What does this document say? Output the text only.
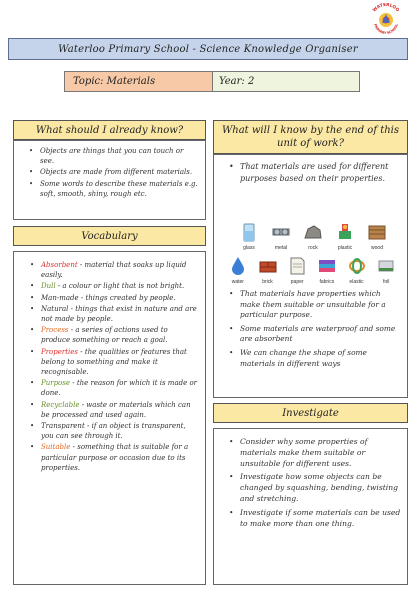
WATERLOO
PRIMARY SCHOOL
Waterloo Primary School - Science Knowledge Organiser
Topic: Materials	Year: 2
What should I already know?
• Objects are things that you can touch or see.
• Objects are made from different materials.
• Some words to describe these materials e.g. soft, smooth, shiny, rough etc.
Vocabulary
• Absorbent - material that soaks up liquid easily.
• Dull - a colour or light that is not bright.
• Man-made - things created by people.
• Natural - things that exist in nature and are not made by people.
• Process - a series of actions used to produce something or reach a goal.
• Properties - the qualities or features that belong to something and make it recognisable.
• Purpose - the reason for which it is made or done.
• Recyclable - waste or materials which can be processed and used again.
• Transparent - if an object is transparent, you can see through it.
• Suitable - something that is suitable for a particular purpose or occasion due to its properties.
What will I know by the end of this unit of work?
• That materials are used for different purposes based on their properties.
glass	metal	rock	plastic	wood
water	brick	paper	fabrics	elastic	foil
• That materials have properties which make them suitable or unsuitable for a particular purpose.
• Some materials are waterproof and some are absorbent
• We can change the shape of some materials in different ways
Investigate
• Consider why some properties of materials make them suitable or unsuitable for different uses.
• Investigate how some objects can be changed by squashing, bending, twisting and stretching.
• Investigate if some materials can be used to make more than one thing.
